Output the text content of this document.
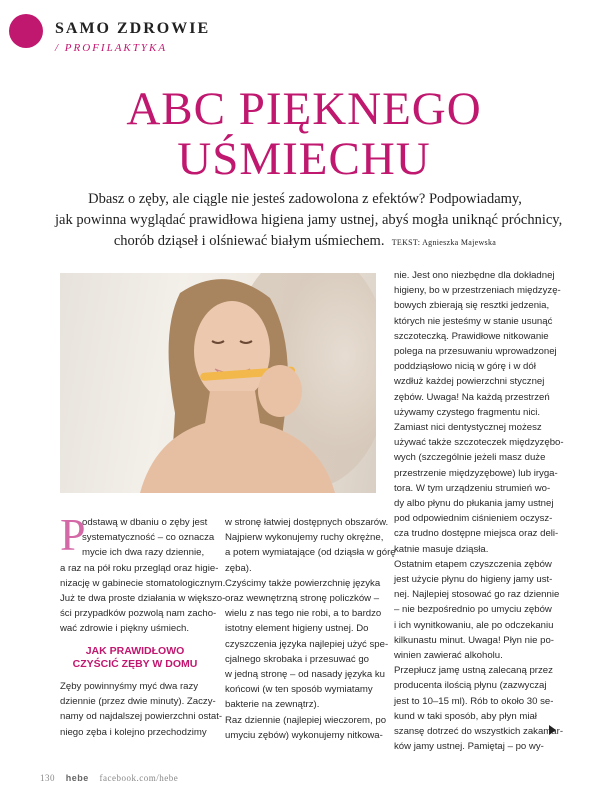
SAMO ZDROWIE
/ PROFILAKTYKA
ABC PIĘKNEGO
UŚMIECHU
Dbasz o zęby, ale ciągle nie jesteś zadowolona z efektów? Podpowiadamy,
jak powinna wyglądać prawidłowa higiena jamy ustnej, abyś mogła uniknąć próchnicy,
chorób dziąseł i olśniewać białym uśmiechem. TEKST: Agnieszka Majewska
P
odstawą w dbaniu o zęby jest
systematyczność – co oznacza
mycie ich dwa razy dziennie,
a raz na pół roku przegląd oraz higie-
nizację w gabinecie stomatologicznym.
Już te dwa proste działania w większo-
ści przypadków pozwolą nam zacho-
wać zdrowie i piękny uśmiech.
JAK PRAWIDŁOWO
CZYŚCIĆ ZĘBY W DOMU
Zęby powinnyśmy myć dwa razy
dziennie (przez dwie minuty). Zaczy-
namy od najdalszej powierzchni ostat-
niego zęba i kolejno przechodzimy
w stronę łatwiej dostępnych obszarów.
Najpierw wykonujemy ruchy okrężne,
a potem wymiatające (od dziąsła w górę
zęba).
Czyścimy także powierzchnię języka
oraz wewnętrzną stronę policzków –
wielu z nas tego nie robi, a to bardzo
istotny element higieny ustnej. Do
czyszczenia języka najlepiej użyć spe-
cjalnego skrobaka i przesuwać go
w jedną stronę – od nasady języka ku
końcowi (w ten sposób wymiatamy
bakterie na zewnątrz).
Raz dziennie (najlepiej wieczorem, po
umyciu zębów) wykonujemy nitkowa-
nie. Jest ono niezbędne dla dokładnej
higieny, bo w przestrzeniach międzyzę-
bowych zbierają się resztki jedzenia,
których nie jesteśmy w stanie usunąć
szczoteczką. Prawidłowe nitkowanie
polega na przesuwaniu wprowadzonej
poddziąsłowo nicią w górę i w dół
wzdłuż każdej powierzchni stycznej
zębów. Uwaga! Na każdą przestrzeń
używamy czystego fragmentu nici.
Zamiast nici dentystycznej możesz
używać także szczoteczek międzyzębo-
wych (szczególnie jeżeli masz duże
przestrzenie międzyzębowe) lub irygа-
tora. W tym urządzeniu strumień wo-
dy albo płynu do płukania jamy ustnej
pod odpowiednim ciśnieniem oczysz-
cza trudno dostępne miejsca oraz deli-
katnie masuje dziąsła.
Ostatnim etapem czyszczenia zębów
jest użycie płynu do higieny jamy ust-
nej. Najlepiej stosować go raz dziennie
– nie bezpośrednio po umyciu zębów
i ich wynitkowaniu, ale po odczekaniu
kilkunastu minut. Uwaga! Płyn nie po-
winien zawierać alkoholu.
Przepłucz jamę ustną zalecaną przez
producenta ilością płynu (zazwyczaj
jest to 10–15 ml). Rób to około 30 se-
kund w taki sposób, aby płyn miał
szansę dotrzeć do wszystkich zakamar-
ków jamy ustnej. Pamiętaj – po wy-
130 hebe facebook.com/hebe
